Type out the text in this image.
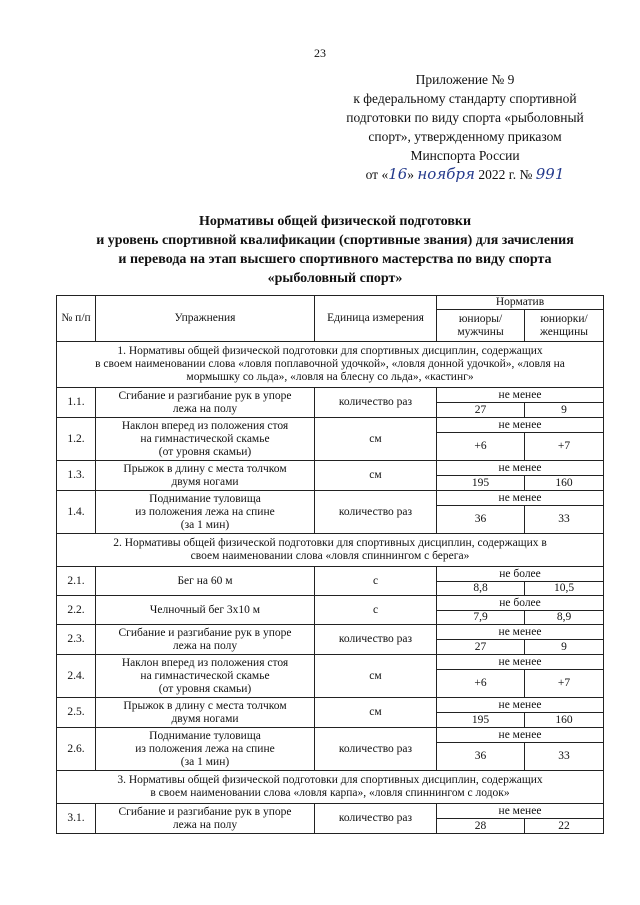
23
Приложение № 9
к федеральному стандарту спортивной
подготовки по виду спорта «рыболовный
спорт», утвержденному приказом
Минспорта России
от «16» ноября 2022 г. № 991
Нормативы общей физической подготовки
и уровень спортивной квалификации (спортивные звания) для зачисления
и перевода на этап высшего спортивного мастерства по виду спорта
«рыболовный спорт»
№ п/п	Упражнения	Единица измерения	Норматив	
			юниоры/ мужчины	юниорки/ женщины

1. Нормативы общей физической подготовки для спортивных дисциплин, содержащих
в своем наименовании слова «ловля поплавочной удочкой», «ловля донной удочкой», «ловля на
мормышку со льда», «ловля на блесну со льда», «кастинг»				

1.1.	Сгибание и разгибание рук в упоре
лежа на полу	количество раз	не менее	
			27	9
1.2.	Наклон вперед из положения стоя
на гимнастической скамье
(от уровня скамьи)	см	не менее	
			+6	+7
1.3.	Прыжок в длину с места толчком
двумя ногами	см	не менее	
			195	160
1.4.	Поднимание туловища
из положения лежа на спине
(за 1 мин)	количество раз	не менее	
			36	33

2. Нормативы общей физической подготовки для спортивных дисциплин, содержащих в
своем наименовании слова «ловля спиннингом с берега»				

2.1.	Бег на 60 м	с	не более	
			8,8	10,5
2.2.	Челночный бег 3х10 м	с	не более	
			7,9	8,9
2.3.	Сгибание и разгибание рук в упоре
лежа на полу	количество раз	не менее	
			27	9
2.4.	Наклон вперед из положения стоя
на гимнастической скамье
(от уровня скамьи)	см	не менее	
			+6	+7
2.5.	Прыжок в длину с места толчком
двумя ногами	см	не менее	
			195	160
2.6.	Поднимание туловища
из положения лежа на спине
(за 1 мин)	количество раз	не менее	
			36	33

3. Нормативы общей физической подготовки для спортивных дисциплин, содержащих
в своем наименовании слова «ловля карпа», «ловля спиннингом с лодок»				

3.1.	Сгибание и разгибание рук в упоре
лежа на полу	количество раз	не менее	
			28	22
